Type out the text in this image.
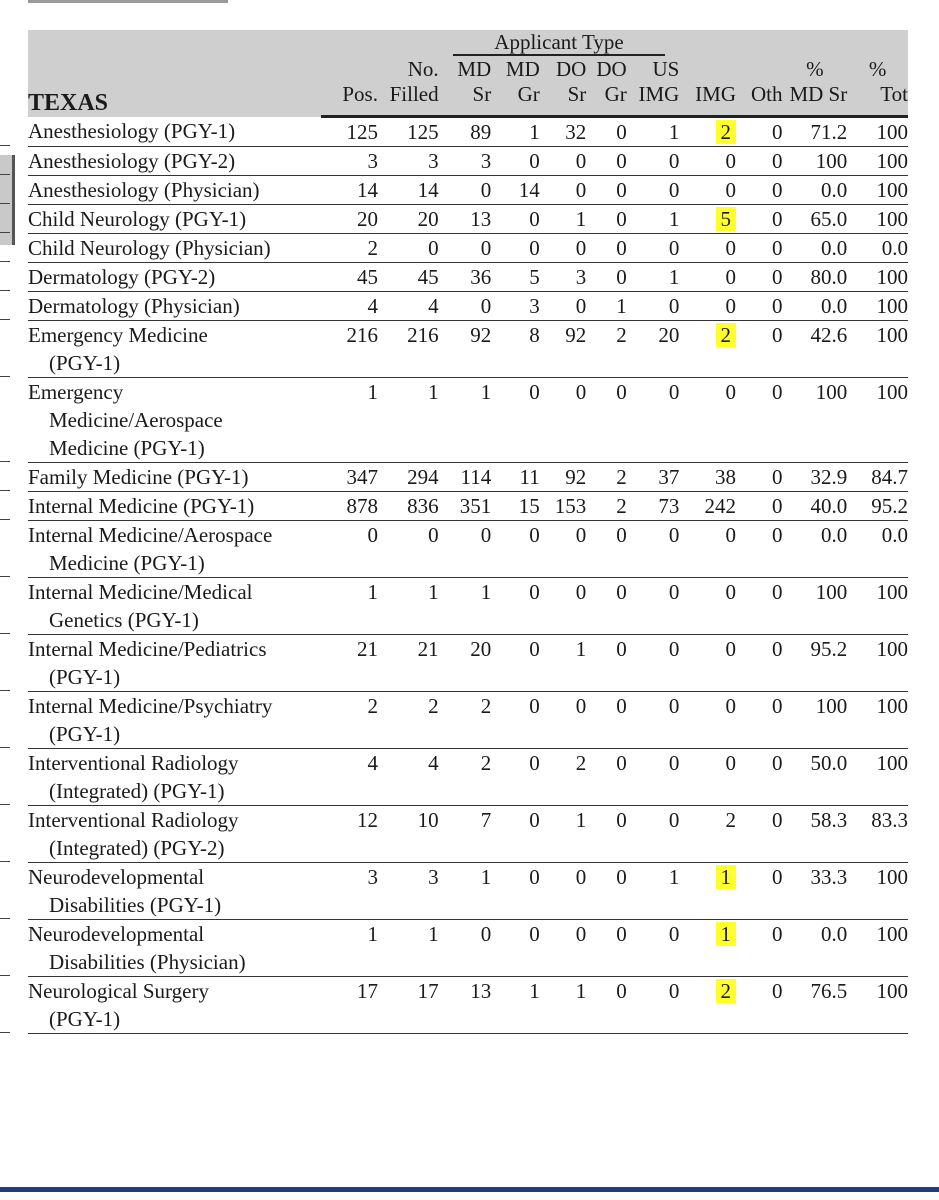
TEXAS			Applicant Type								

		No.	MD	MD	DO	DO	US			%	%
	Pos.	Filled	Sr	Gr	Sr	Gr	IMG	IMG	Oth	MD Sr	Tot

Anesthesiology (PGY-1)	125	125	89	1	32	0	1	2	0	71.2	100

Anesthesiology (PGY-2)	3	3	3	0	0	0	0	0	0	100	100

Anesthesiology (Physician)	14	14	0	14	0	0	0	0	0	0.0	100

Child Neurology (PGY-1)	20	20	13	0	1	0	1	5	0	65.0	100

Child Neurology (Physician)	2	0	0	0	0	0	0	0	0	0.0	0.0

Dermatology (PGY-2)	45	45	36	5	3	0	1	0	0	80.0	100

Dermatology (Physician)	4	4	0	3	0	1	0	0	0	0.0	100

Emergency Medicine
(PGY-1)	216	216	92	8	92	2	20	2	0	42.6	100

Emergency
Medicine/Aerospace
Medicine (PGY-1)	1	1	1	0	0	0	0	0	0	100	100

Family Medicine (PGY-1)	347	294	114	11	92	2	37	38	0	32.9	84.7

Internal Medicine (PGY-1)	878	836	351	15	153	2	73	242	0	40.0	95.2

Internal Medicine/Aerospace
Medicine (PGY-1)	0	0	0	0	0	0	0	0	0	0.0	0.0

Internal Medicine/Medical
Genetics (PGY-1)	1	1	1	0	0	0	0	0	0	100	100

Internal Medicine/Pediatrics
(PGY-1)	21	21	20	0	1	0	0	0	0	95.2	100

Internal Medicine/Psychiatry
(PGY-1)	2	2	2	0	0	0	0	0	0	100	100

Interventional Radiology
(Integrated) (PGY-1)	4	4	2	0	2	0	0	0	0	50.0	100

Interventional Radiology
(Integrated) (PGY-2)	12	10	7	0	1	0	0	2	0	58.3	83.3

Neurodevelopmental
Disabilities (PGY-1)	3	3	1	0	0	0	1	1	0	33.3	100

Neurodevelopmental
Disabilities (Physician)	1	1	0	0	0	0	0	1	0	0.0	100

Neurological Surgery
(PGY-1)	17	17	13	1	1	0	0	2	0	76.5	100
